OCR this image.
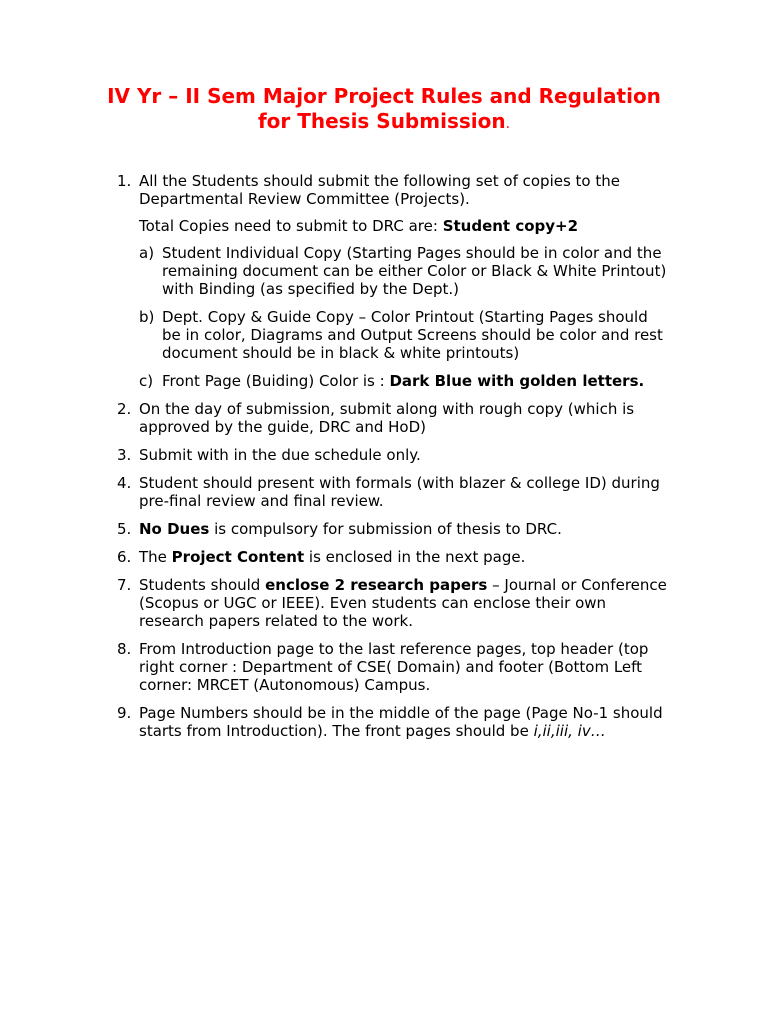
IV Yr – II Sem Major Project Rules and Regulation
for Thesis Submission.
1. All the Students should submit the following set of copies to the Departmental Review Committee (Projects).

Total Copies need to submit to DRC are: Student copy+2

a) Student Individual Copy (Starting Pages should be in color and the remaining document can be either Color or Black & White Printout) with Binding (as specified by the Dept.)
b) Dept. Copy & Guide Copy – Color Printout (Starting Pages should be in color, Diagrams and Output Screens should be color and rest document should be in black & white printouts)
c) Front Page (Buiding) Color is : Dark Blue with golden letters.
2. On the day of submission, submit along with rough copy (which is approved by the guide, DRC and HoD)

3. Submit with in the due schedule only.

4. Student should present with formals (with blazer & college ID) during pre-final review and final review.

5. No Dues is compulsory for submission of thesis to DRC.

6. The Project Content is enclosed in the next page.

7. Students should enclose 2 research papers – Journal or Conference (Scopus or UGC or IEEE). Even students can enclose their own research papers related to the work.

8. From Introduction page to the last reference pages, top header (top right corner : Department of CSE( Domain) and footer (Bottom Left corner: MRCET (Autonomous) Campus.

9. Page Numbers should be in the middle of the page (Page No-1 should starts from Introduction). The front pages should be i,ii,iii, iv…
